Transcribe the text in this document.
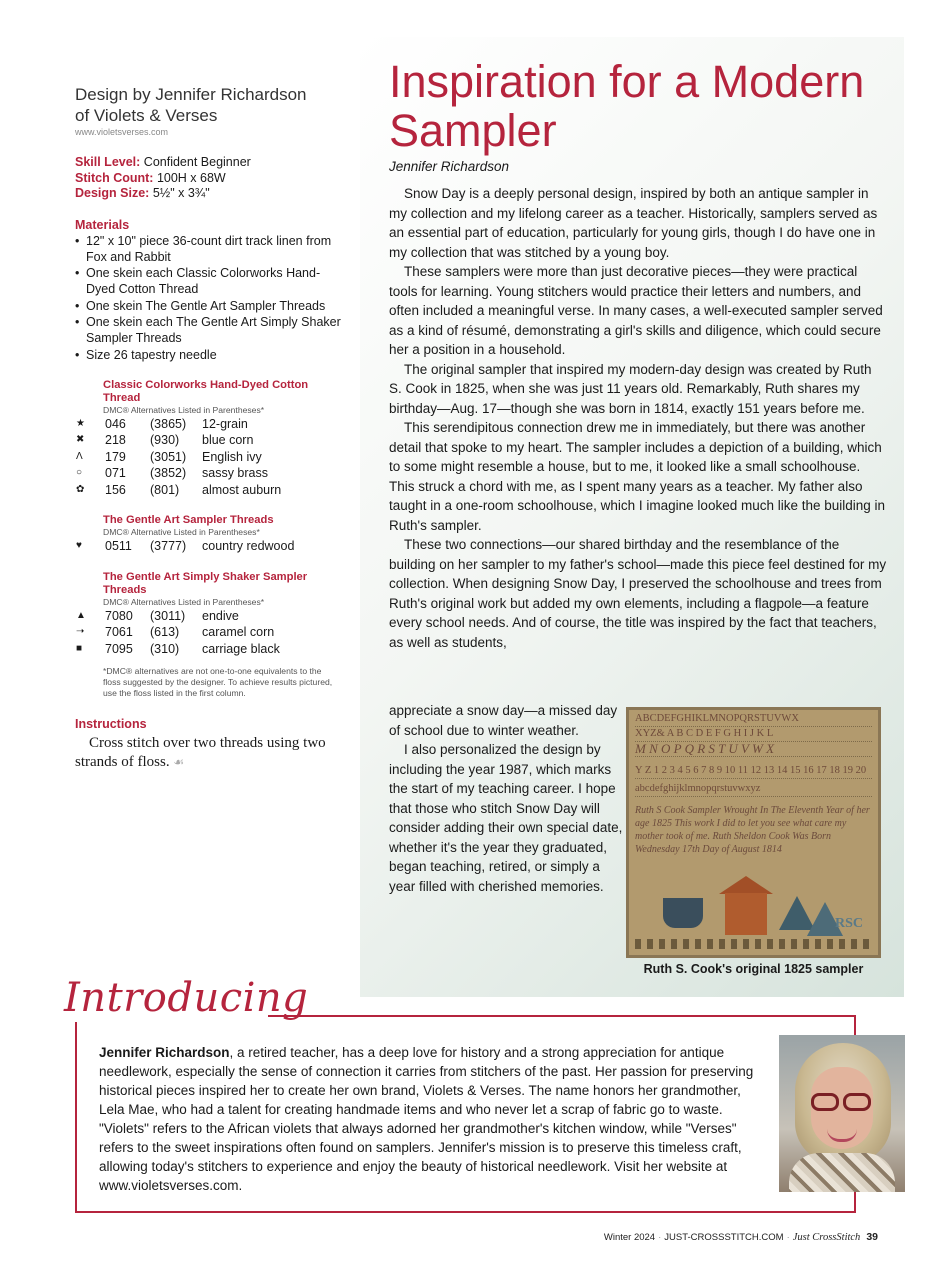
Design by Jennifer Richardson
of Violets & Verses
www.violetsverses.com
Skill Level: Confident Beginner
Stitch Count: 100H x 68W
Design Size: 5½" x 3¾"
Materials
• 12" x 10" piece 36-count dirt track linen from Fox and Rabbit
• One skein each Classic Colorworks Hand-Dyed Cotton Thread
• One skein The Gentle Art Sampler Threads
• One skein each The Gentle Art Simply Shaker Sampler Threads
• Size 26 tapestry needle
Classic Colorworks Hand-Dyed Cotton Thread
DMC® Alternatives Listed in Parentheses*
★	046	(3865)	12-grain
✖	218	(930)	blue corn
Λ	179	(3051)	English ivy
○	071	(3852)	sassy brass
✿	156	(801)	almost auburn
The Gentle Art Sampler Threads
DMC® Alternative Listed in Parentheses*
♥	0511	(3777)	country redwood
The Gentle Art Simply Shaker Sampler Threads
DMC® Alternatives Listed in Parentheses*
▲	7080	(3011)	endive
➝	7061	(613)	caramel corn
■	7095	(310)	carriage black
*DMC® alternatives are not one-to-one equivalents to the floss suggested by the designer. To achieve results pictured, use the floss listed in the first column.
Instructions
Cross stitch over two threads using two strands of floss. ☙
Inspiration for a Modern Sampler
Jennifer Richardson

Snow Day is a deeply personal design, inspired by both an antique sampler in my collection and my lifelong career as a teacher. Historically, samplers served as an essential part of education, particularly for young girls, though I do have one in my collection that was stitched by a young boy.

These samplers were more than just decorative pieces—they were practical tools for learning. Young stitchers would practice their letters and numbers, and often included a meaningful verse. In many cases, a well-executed sampler served as a kind of résumé, demonstrating a girl's skills and diligence, which could secure her a position in a household.

The original sampler that inspired my modern-day design was created by Ruth S. Cook in 1825, when she was just 11 years old. Remarkably, Ruth shares my birthday—Aug. 17—though she was born in 1814, exactly 151 years before me.

This serendipitous connection drew me in immediately, but there was another detail that spoke to my heart. The sampler includes a depiction of a building, which to some might resemble a house, but to me, it looked like a small schoolhouse. This struck a chord with me, as I spent many years as a teacher. My father also taught in a one-room schoolhouse, which I imagine looked much like the building in Ruth's sampler.

These two connections—our shared birthday and the resemblance of the building on her sampler to my father's school—made this piece feel destined for my collection. When designing Snow Day, I preserved the schoolhouse and trees from Ruth's original work but added my own elements, including a flagpole—a feature every school needs. And of course, the title was inspired by the fact that teachers, as well as students,

appreciate a snow day—a missed day of school due to winter weather.

I also personalized the design by including the year 1987, which marks the start of my teaching career. I hope that those who stitch Snow Day will consider adding their own special date, whether it's the year they graduated, began teaching, retired, or simply a year filled with cherished memories.

ABCDEFGHIKLMNOPQRSTUVWX
XYZ& A B C D E F G H I J K L
M N O P Q R S T U V W X
Y Z 1 2 3 4 5 6 7 8 9 10 11 12 13 14 15 16 17 18 19 20
abcdefghijklmnopqrstuvwxyz
Ruth S Cook Sampler Wrought In The Eleventh Year of her age 1825 This work I did to let you see what care my mother took of me. Ruth Sheldon Cook Was Born Wednesday 17th Day of August 1814
RSC
Ruth S. Cook's original 1825 sampler
Introducing
Jennifer Richardson, a retired teacher, has a deep love for history and a strong appreciation for antique needlework, especially the sense of connection it carries from stitchers of the past. Her passion for preserving historical pieces inspired her to create her own brand, Violets & Verses. The name honors her grandmother, Lela Mae, who had a talent for creating handmade items and who never let a scrap of fabric go to waste. "Violets" refers to the African violets that always adorned her grandmother's kitchen window, while "Verses" refers to the sweet inspirations often found on samplers. Jennifer's mission is to preserve this timeless craft, allowing today's stitchers to experience and enjoy the beauty of historical needlework. Visit her website at www.violetsverses.com.
Winter 2024 · JUST-CROSSSTITCH.COM · Just CrossStitch 39
